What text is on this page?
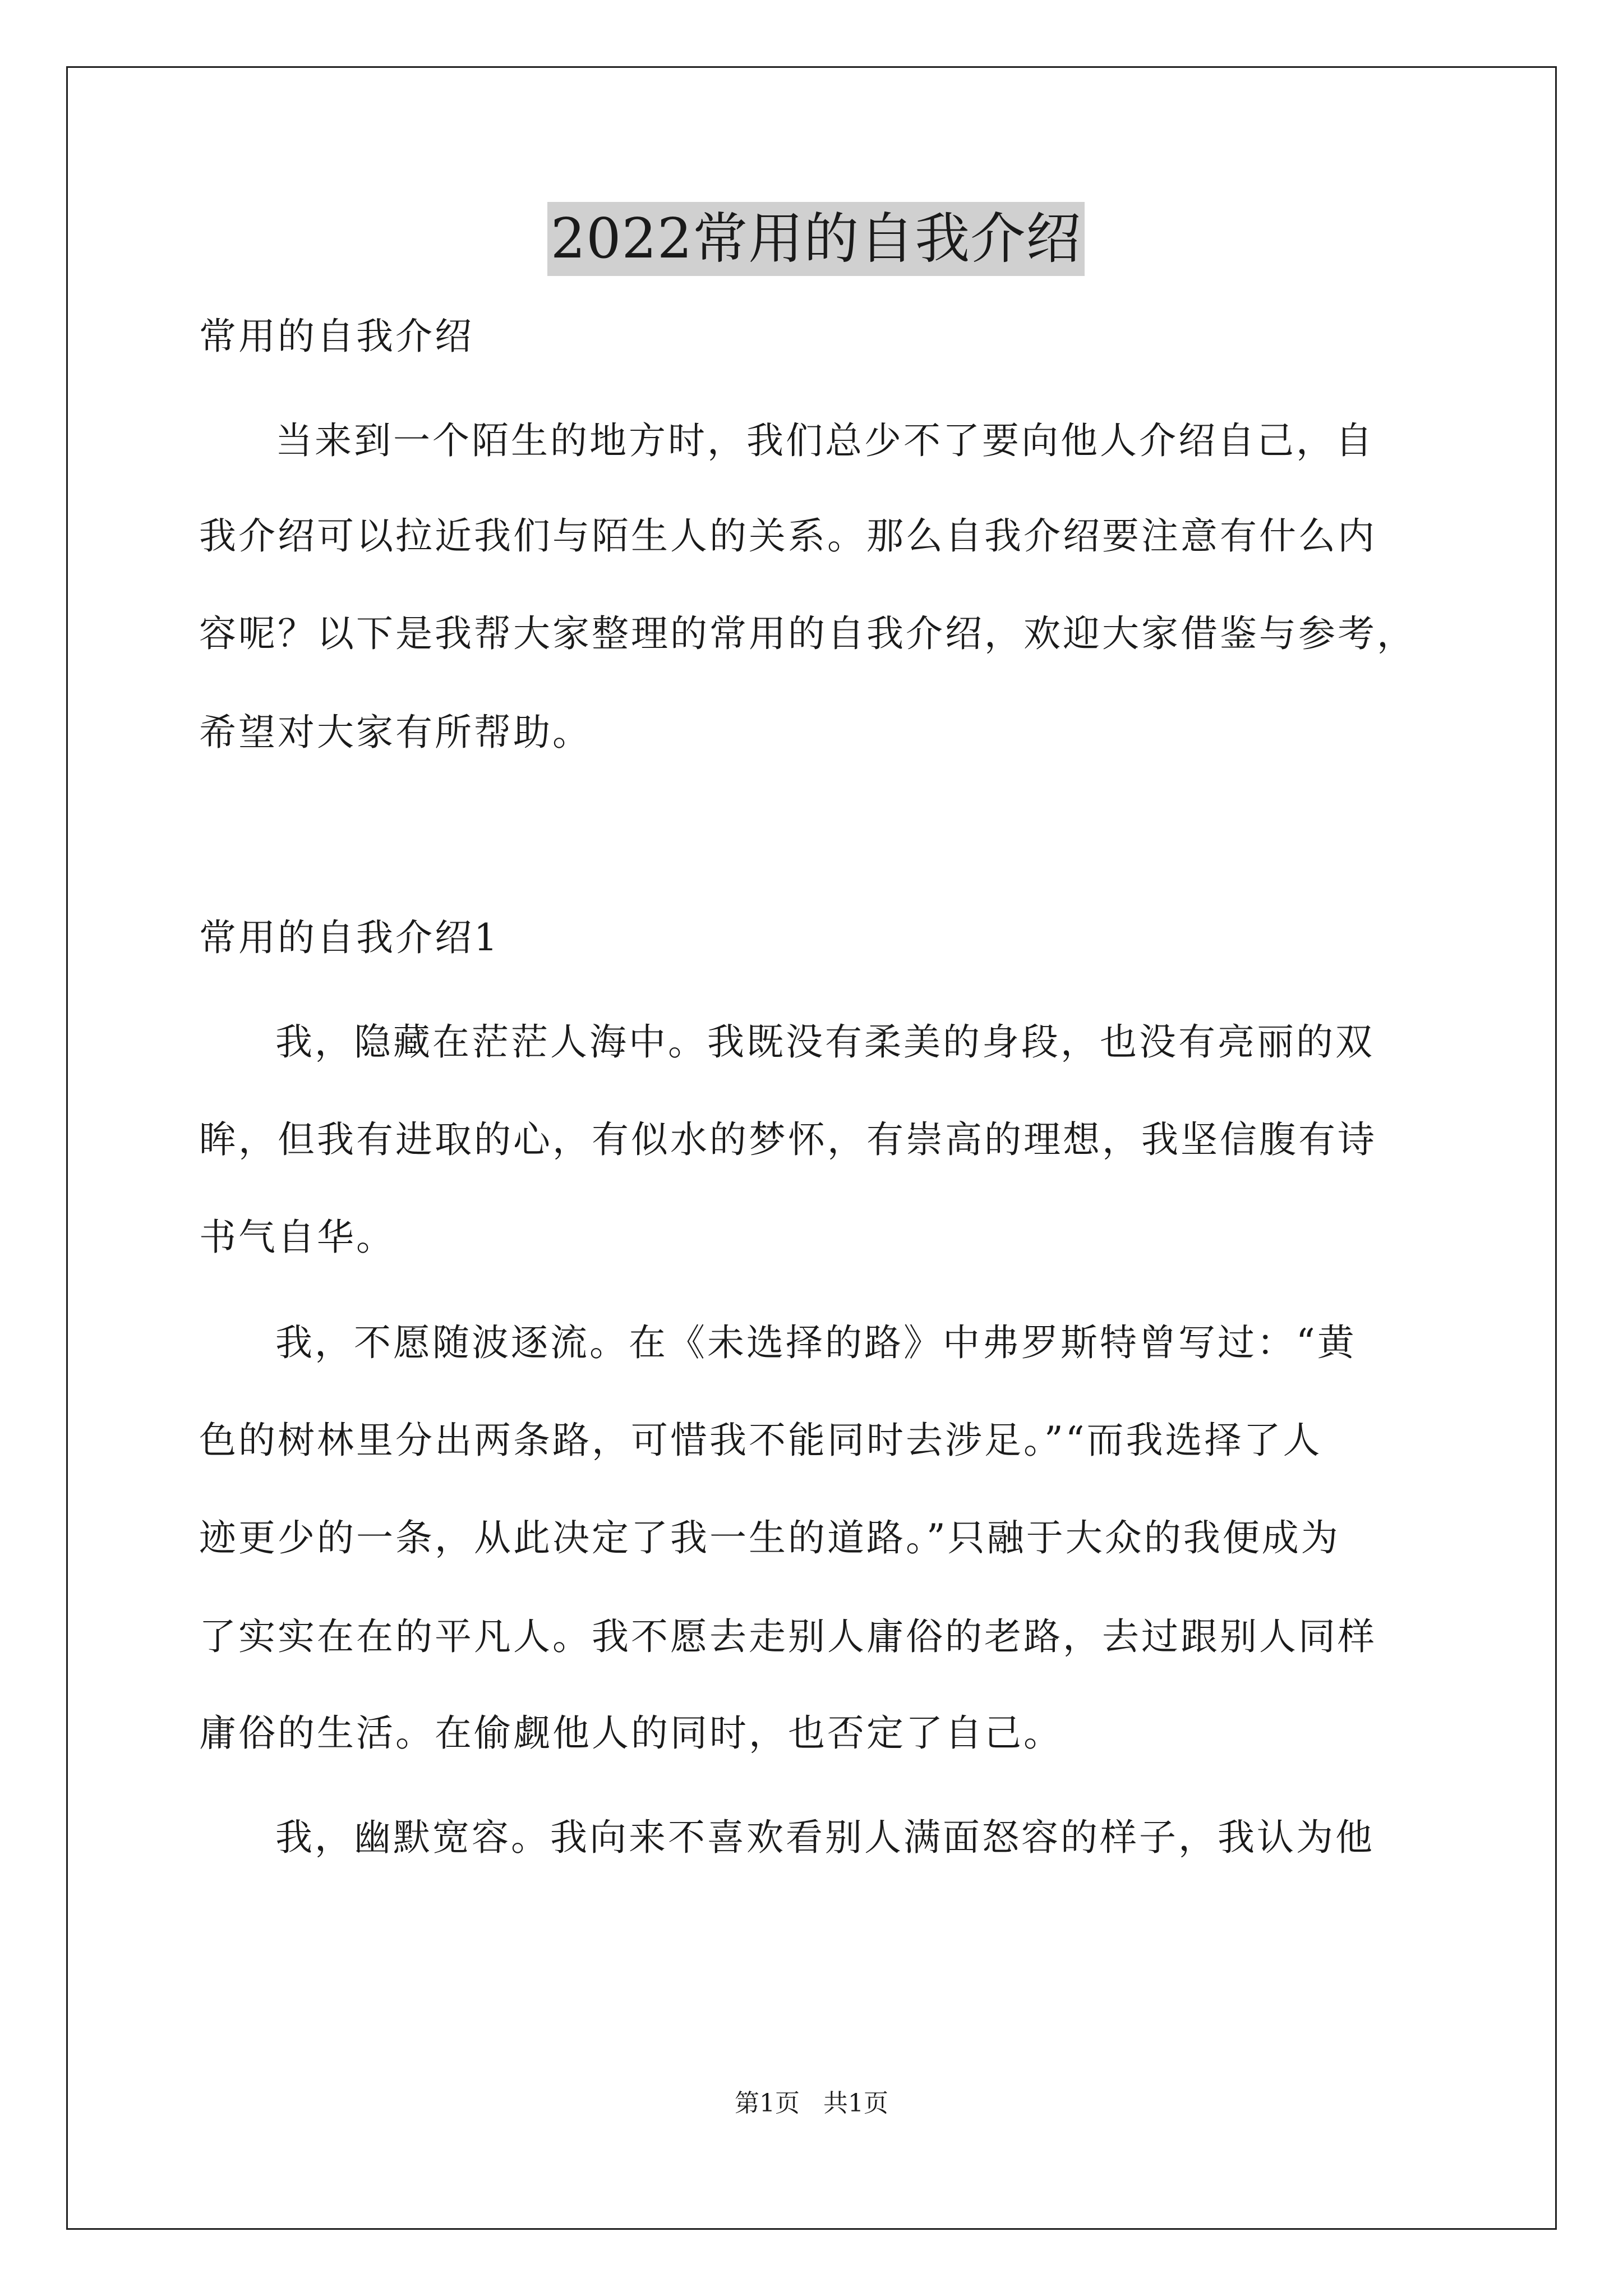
2022常用的自我介绍
常用的自我介绍
当来到一个陌生的地方时，我们总少不了要向他人介绍自己，自
我介绍可以拉近我们与陌生人的关系。那么自我介绍要注意有什么内
容呢？以下是我帮大家整理的常用的自我介绍，欢迎大家借鉴与参考，
希望对大家有所帮助。
常用的自我介绍1
我，隐藏在茫茫人海中。我既没有柔美的身段，也没有亮丽的双
眸，但我有进取的心，有似水的梦怀，有崇高的理想，我坚信腹有诗
书气自华。
我，不愿随波逐流。在《未选择的路》中弗罗斯特曾写过：“黄
色的树林里分出两条路，可惜我不能同时去涉足。”“而我选择了人
迹更少的一条，从此决定了我一生的道路。”只融于大众的我便成为
了实实在在的平凡人。我不愿去走别人庸俗的老路，去过跟别人同样
庸俗的生活。在偷觑他人的同时，也否定了自己。
我，幽默宽容。我向来不喜欢看别人满面怒容的样子，我认为他
第1页 共1页
